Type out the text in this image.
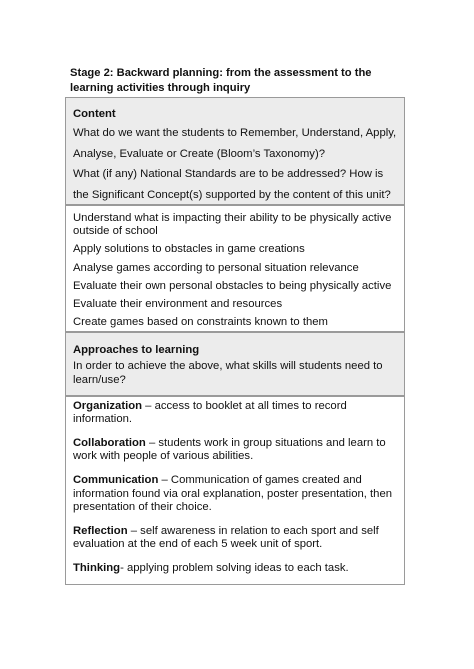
Stage 2: Backward planning: from the assessment to the learning activities through inquiry

Content

What do we want the students to Remember, Understand, Apply, Analyse, Evaluate or Create (Bloom’s Taxonomy)?

What (if any) National Standards are to be addressed? How is the Significant Concept(s) supported by the content of this unit?

Understand what is impacting their ability to be physically active outside of school
Apply solutions to obstacles in game creations
Analyse games according to personal situation relevance
Evaluate their own personal obstacles to being physically active
Evaluate their environment and resources
Create games based on constraints known to them

Approaches to learning

In order to achieve the above, what skills will students need to learn/use?

Organization – access to booklet at all times to record information.
Collaboration – students work in group situations and learn to work with people of various abilities.
Communication – Communication of games created and information found via oral explanation, poster presentation, then presentation of their choice.
Reflection – self awareness in relation to each sport and self evaluation at the end of each 5 week unit of sport.
Thinking- applying problem solving ideas to each task.
